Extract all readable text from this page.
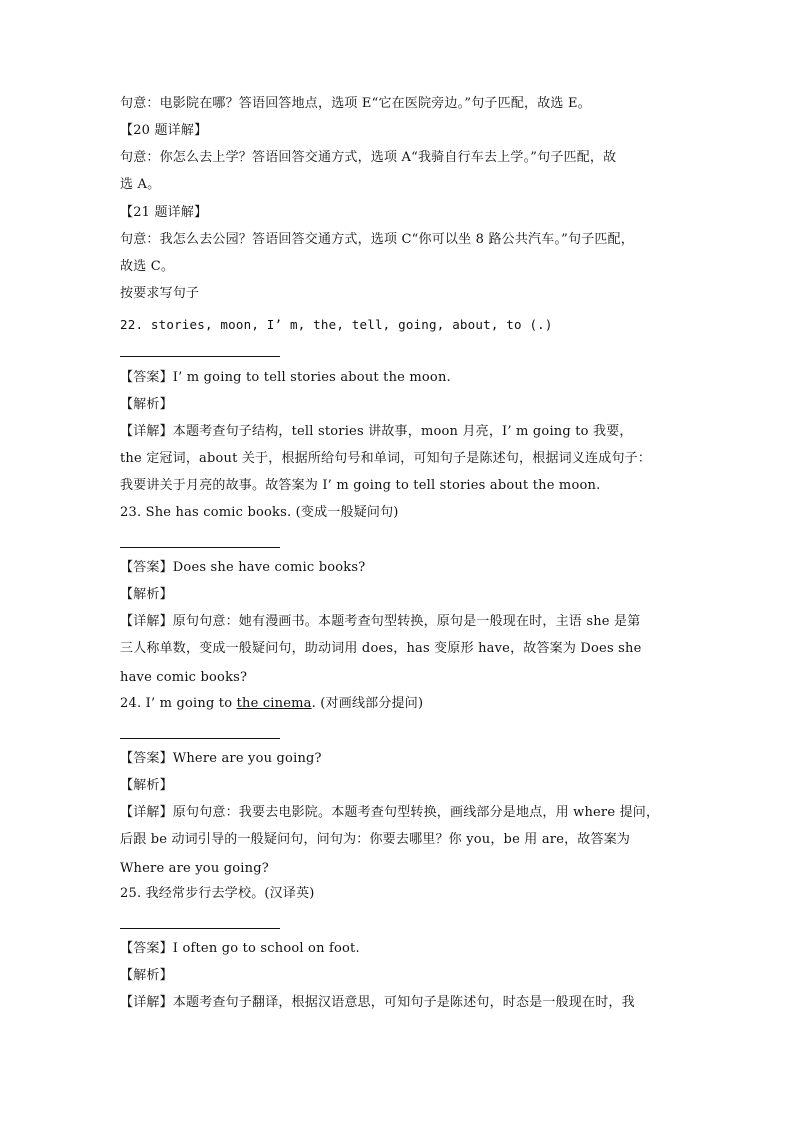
句意：电影院在哪？答语回答地点，选项 E“它在医院旁边。”句子匹配，故选 E。
【20 题详解】
句意：你怎么去上学？答语回答交通方式，选项 A“我骑自行车去上学。”句子匹配，故
选 A。
【21 题详解】
句意：我怎么去公园？答语回答交通方式，选项 C“你可以坐 8 路公共汽车。”句子匹配，
故选 C。
按要求写句子
22. stories, moon, I’ m, the, tell, going, about, to (.)
【答案】I’ m going to tell stories about the moon.
【解析】
【详解】本题考查句子结构，tell stories 讲故事，moon 月亮，I’ m going to 我要，
the 定冠词，about 关于，根据所给句号和单词，可知句子是陈述句，根据词义连成句子：
我要讲关于月亮的故事。故答案为 I’ m going to tell stories about the moon.
23. She has comic books. (变成一般疑问句)
【答案】Does she have comic books?
【解析】
【详解】原句句意：她有漫画书。本题考查句型转换，原句是一般现在时，主语 she 是第
三人称单数，变成一般疑问句，助动词用 does，has 变原形 have，故答案为 Does she
have comic books?
24. I’ m going to the cinema. (对画线部分提问)
【答案】Where are you going?
【解析】
【详解】原句句意：我要去电影院。本题考查句型转换，画线部分是地点，用 where 提问，
后跟 be 动词引导的一般疑问句，问句为：你要去哪里？你 you，be 用 are，故答案为
Where are you going?
25. 我经常步行去学校。(汉译英)
【答案】I often go to school on foot.
【解析】
【详解】本题考查句子翻译，根据汉语意思，可知句子是陈述句，时态是一般现在时，我
